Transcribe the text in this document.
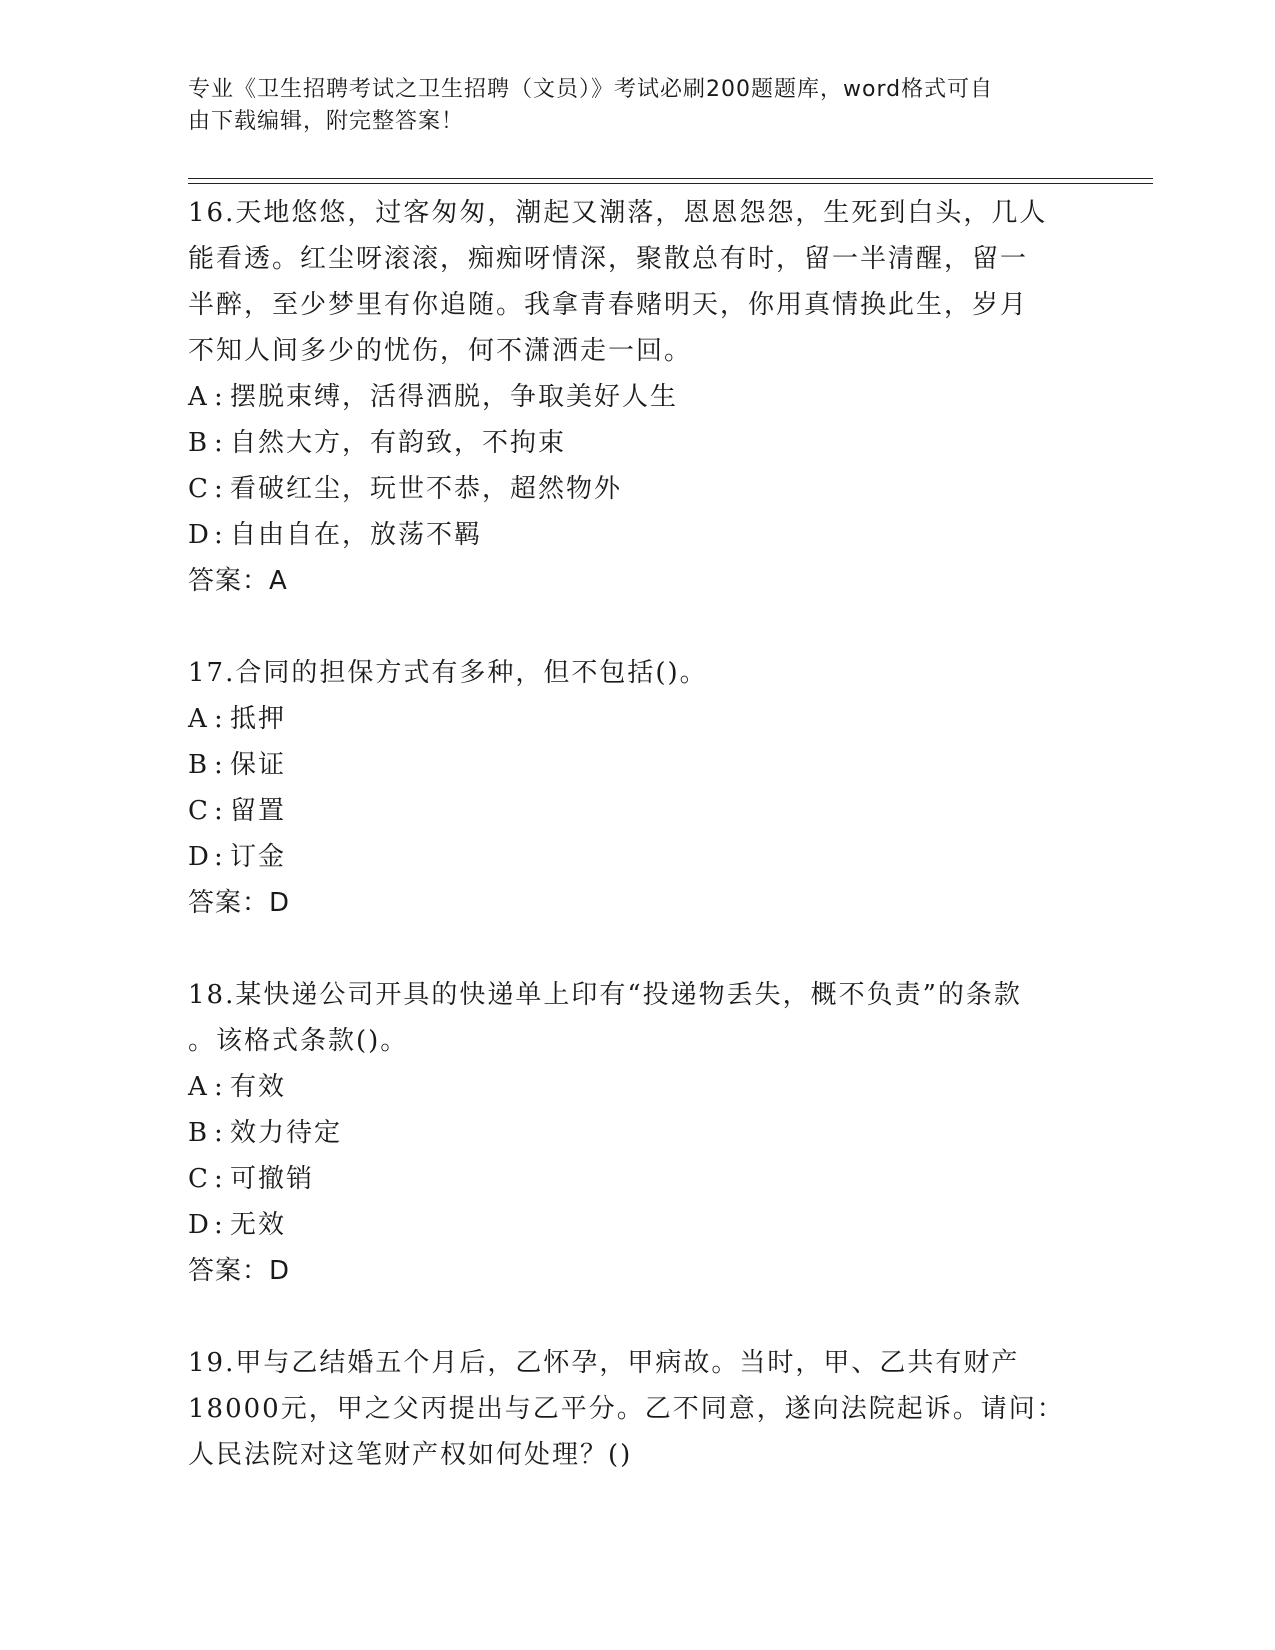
专业《卫生招聘考试之卫生招聘（文员）》考试必刷200题题库，word格式可自
由下载编辑，附完整答案！

16.天地悠悠，过客匆匆，潮起又潮落，恩恩怨怨，生死到白头，几人

能看透。红尘呀滚滚，痴痴呀情深，聚散总有时，留一半清醒，留一

半醉，至少梦里有你追随。我拿青春赌明天，你用真情换此生，岁月

不知人间多少的忧伤，何不潇洒走一回。

A : 摆脱束缚，活得洒脱，争取美好人生

B : 自然大方，有韵致，不拘束

C : 看破红尘，玩世不恭，超然物外

D : 自由自在，放荡不羁

答案：A

17.合同的担保方式有多种，但不包括()。

A : 抵押

B : 保证

C : 留置

D : 订金

答案：D

18.某快递公司开具的快递单上印有“投递物丢失，概不负责”的条款

。该格式条款()。

A : 有效

B : 效力待定

C : 可撤销

D : 无效

答案：D

19.甲与乙结婚五个月后，乙怀孕，甲病故。当时，甲、乙共有财产

18000元，甲之父丙提出与乙平分。乙不同意，遂向法院起诉。请问：

人民法院对这笔财产权如何处理？()
